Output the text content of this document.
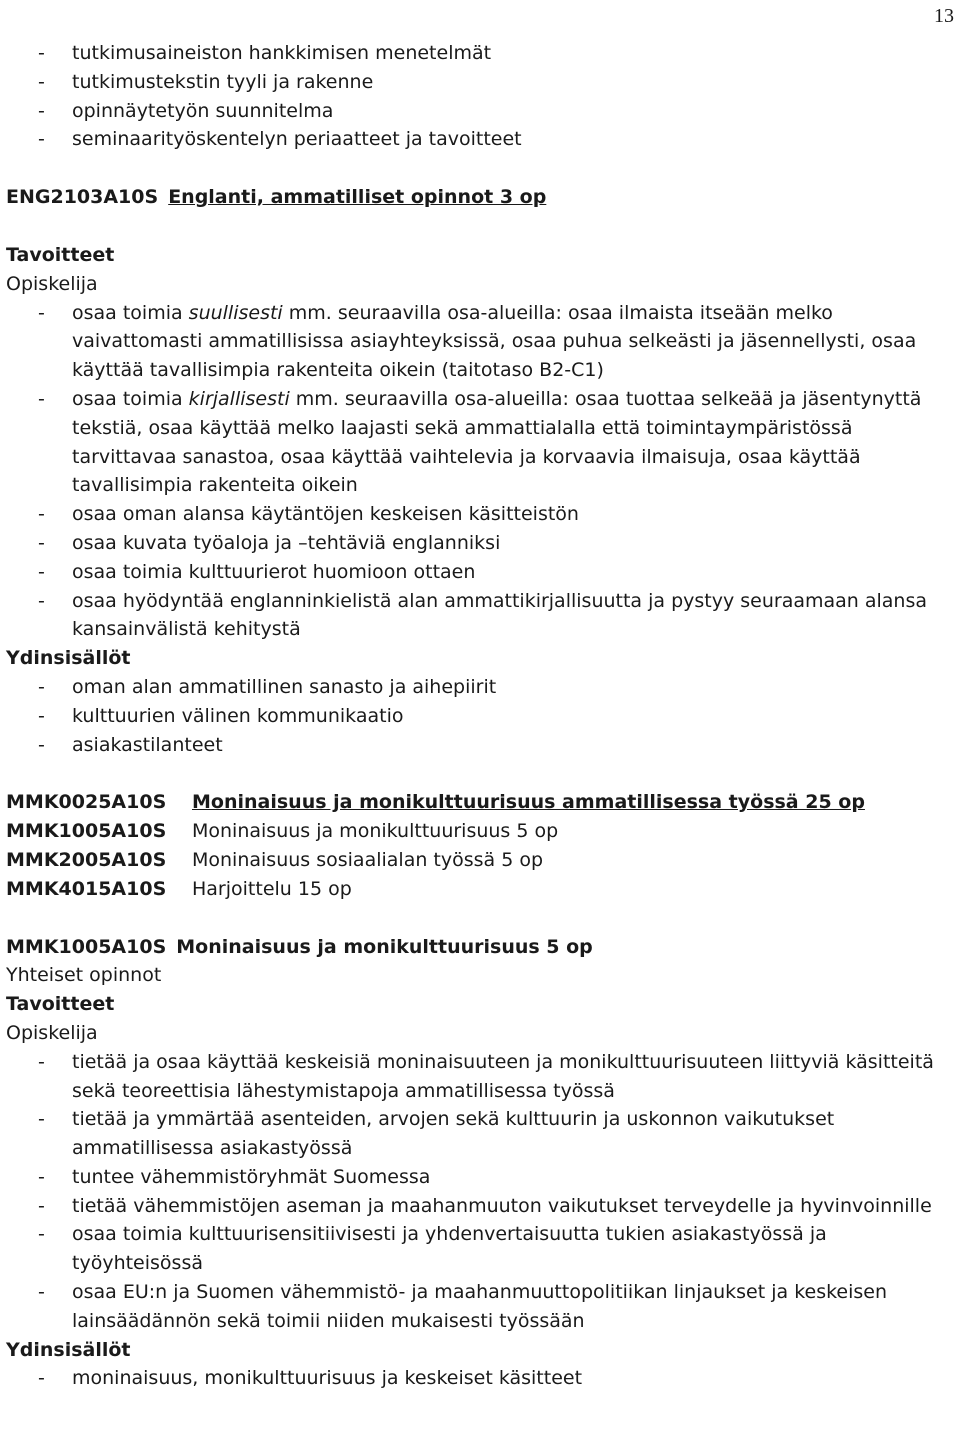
13
- tutkimusaineiston hankkimisen menetelmät
- tutkimustekstin tyyli ja rakenne
- opinnäytetyön suunnitelma
- seminaarityöskentelyn periaatteet ja tavoitteet
ENG2103A10S Englanti, ammatilliset opinnot 3 op
Tavoitteet
Opiskelija
- osaa toimia suullisesti mm. seuraavilla osa-alueilla: osaa ilmaista itseään melko vaivattomasti ammatillisissa asiayhteyksissä, osaa puhua selkeästi ja jäsennellysti, osaa käyttää tavallisimpia rakenteita oikein (taitotaso B2-C1)
- osaa toimia kirjallisesti mm. seuraavilla osa-alueilla: osaa tuottaa selkeää ja jäsentynyttä tekstiä, osaa käyttää melko laajasti sekä ammattialalla että toimintaympäristössä tarvittavaa sanastoa, osaa käyttää vaihtelevia ja korvaavia ilmaisuja, osaa käyttää tavallisimpia rakenteita oikein
- osaa oman alansa käytäntöjen keskeisen käsitteistön
- osaa kuvata työaloja ja –tehtäviä englanniksi
- osaa toimia kulttuurierot huomioon ottaen
- osaa hyödyntää englanninkielistä alan ammattikirjallisuutta ja pystyy seuraamaan alansa kansainvälistä kehitystä
Ydinsisällöt
- oman alan ammatillinen sanasto ja aihepiirit
- kulttuurien välinen kommunikaatio
- asiakastilanteet
MMK0025A10S	Moninaisuus ja monikulttuurisuus ammatillisessa työssä 25 op
MMK1005A10S	Moninaisuus ja monikulttuurisuus 5 op
MMK2005A10S	Moninaisuus sosiaalialan työssä 5 op
MMK4015A10S	Harjoittelu 15 op
MMK1005A10S Moninaisuus ja monikulttuurisuus 5 op
Yhteiset opinnot
Tavoitteet
Opiskelija
- tietää ja osaa käyttää keskeisiä moninaisuuteen ja monikulttuurisuuteen liittyviä käsitteitä sekä teoreettisia lähestymistapoja ammatillisessa työssä
- tietää ja ymmärtää asenteiden, arvojen sekä kulttuurin ja uskonnon vaikutukset ammatillisessa asiakastyössä
- tuntee vähemmistöryhmät Suomessa
- tietää vähemmistöjen aseman ja maahanmuuton vaikutukset terveydelle ja hyvinvoinnille
- osaa toimia kulttuurisensitiivisesti ja yhdenvertaisuutta tukien asiakastyössä ja työyhteisössä
- osaa EU:n ja Suomen vähemmistö- ja maahanmuuttopolitiikan linjaukset ja keskeisen lainsäädännön sekä toimii niiden mukaisesti työssään
Ydinsisällöt
- moninaisuus, monikulttuurisuus ja keskeiset käsitteet
